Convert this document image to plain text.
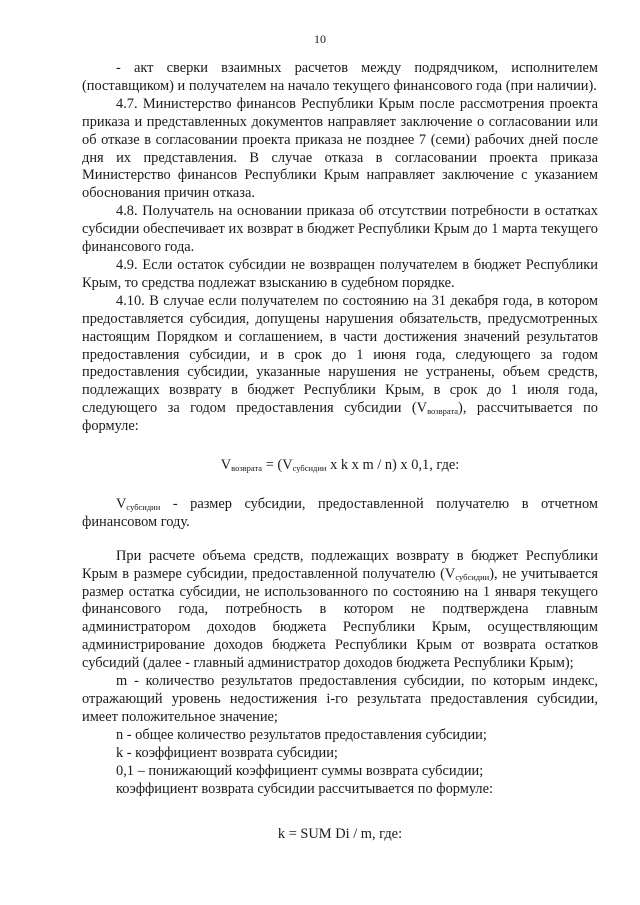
10

- акт сверки взаимных расчетов между подрядчиком, исполнителем (поставщиком) и получателем на начало текущего финансового года (при наличии).

4.7. Министерство финансов Республики Крым после рассмотрения проекта приказа и представленных документов направляет заключение о согласовании или об отказе в согласовании проекта приказа не позднее 7 (семи) рабочих дней после дня их представления. В случае отказа в согласовании проекта приказа Министерство финансов Республики Крым направляет заключение с указанием обоснования причин отказа.

4.8. Получатель на основании приказа об отсутствии потребности в остатках субсидии обеспечивает их возврат в бюджет Республики Крым до 1 марта текущего финансового года.

4.9. Если остаток субсидии не возвращен получателем в бюджет Республики Крым, то средства подлежат взысканию в судебном порядке.

4.10. В случае если получателем по состоянию на 31 декабря года, в котором предоставляется субсидия, допущены нарушения обязательств, предусмотренных настоящим Порядком и соглашением, в части достижения значений результатов предоставления субсидии, и в срок до 1 июня года, следующего за годом предоставления субсидии, указанные нарушения не устранены, объем средств, подлежащих возврату в бюджет Республики Крым, в срок до 1 июля года, следующего за годом предоставления субсидии $(V_{возврата})$, рассчитывается по формуле:

$V_{возврата} = (V_{субсидии}$ x k x m / n) x 0,1, где:

$V_{субсидии}$ - размер субсидии, предоставленной получателю в отчетном финансовом году.

При расчете объема средств, подлежащих возврату в бюджет Республики Крым в размере субсидии, предоставленной получателю $(V_{субсидии})$, не учитывается размер остатка субсидии, не использованного по состоянию на 1 января текущего финансового года, потребность в котором не подтверждена главным администратором доходов бюджета Республики Крым, осуществляющим администрирование доходов бюджета Республики Крым от возврата остатков субсидий (далее - главный администратор доходов бюджета Республики Крым);

m - количество результатов предоставления субсидии, по которым индекс, отражающий уровень недостижения i-го результата предоставления субсидии, имеет положительное значение;

n - общее количество результатов предоставления субсидии;

k - коэффициент возврата субсидии;

0,1 – понижающий коэффициент суммы возврата субсидии;

коэффициент возврата субсидии рассчитывается по формуле:

k = SUM Di / m, где:
